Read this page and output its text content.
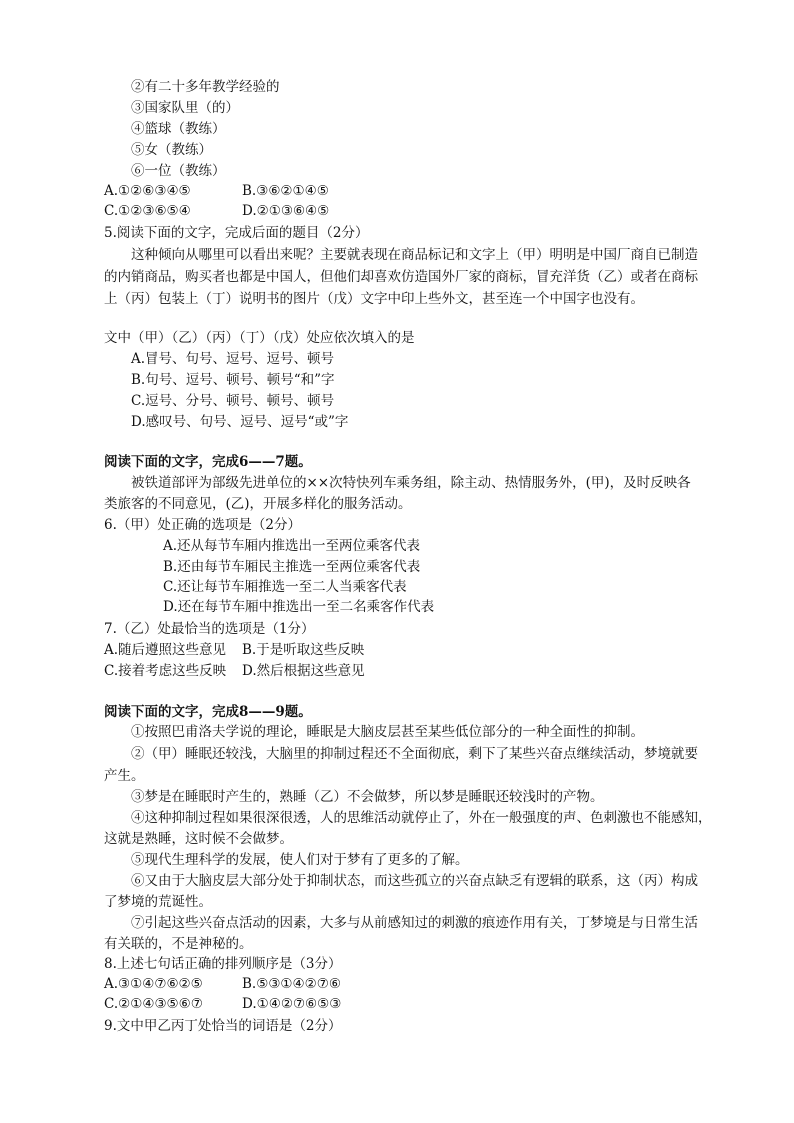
②有二十多年教学经验的
③国家队里（的）
④篮球（教练）
⑤女（教练）
⑥一位（教练）
A.①②⑥③④⑤	B.③⑥②①④⑤
C.①②③⑥⑤④	D.②①③⑥④⑤
5.阅读下面的文字，完成后面的题目（2分）
这种倾向从哪里可以看出来呢？主要就表现在商品标记和文字上（甲）明明是中国厂商自已制造
的内销商品，购买者也都是中国人，但他们却喜欢仿造国外厂家的商标，冒充洋货（乙）或者在商标
上（丙）包装上（丁）说明书的图片（戊）文字中印上些外文，甚至连一个中国字也没有。
文中（甲）（乙）（丙）（丁）（戊）处应依次填入的是
A.冒号、句号、逗号、逗号、顿号
B.句号、逗号、顿号、顿号“和”字
C.逗号、分号、顿号、顿号、顿号
D.感叹号、句号、逗号、逗号“或”字
阅读下面的文字，完成6——7题。
被铁道部评为部级先进单位的××次特快列车乘务组，除主动、热情服务外，(甲)，及时反映各
类旅客的不同意见，(乙)，开展多样化的服务活动。
6.（甲）处正确的选项是（2分）
A.还从每节车厢内推选出一至两位乘客代表
B.还由每节车厢民主推选一至两位乘客代表
C.还让每节车厢推选一至二人当乘客代表
D.还在每节车厢中推选出一至二名乘客作代表
7.（乙）处最恰当的选项是（1分）
A.随后遵照这些意见 B.于是听取这些反映
C.接着考虑这些反映 D.然后根据这些意见
阅读下面的文字，完成8——9题。
①按照巴甫洛夫学说的理论，睡眠是大脑皮层甚至某些低位部分的一种全面性的抑制。
②（甲）睡眠还较浅，大脑里的抑制过程还不全面彻底，剩下了某些兴奋点继续活动，梦境就要
产生。
③梦是在睡眠时产生的，熟睡（乙）不会做梦，所以梦是睡眠还较浅时的产物。
④这种抑制过程如果很深很透，人的思维活动就停止了，外在一般强度的声、色刺激也不能感知，
这就是熟睡，这时候不会做梦。
⑤现代生理科学的发展，使人们对于梦有了更多的了解。
⑥又由于大脑皮层大部分处于抑制状态，而这些孤立的兴奋点缺乏有逻辑的联系，这（丙）构成
了梦境的荒诞性。
⑦引起这些兴奋点活动的因素，大多与从前感知过的刺激的痕迹作用有关，丁梦境是与日常生活
有关联的，不是神秘的。
8.上述七句话正确的排列顺序是（3分）
A.③①④⑦⑥②⑤	B.⑤③①④②⑦⑥
C.②①④③⑤⑥⑦	D.①④②⑦⑥⑤③
9.文中甲乙丙丁处恰当的词语是（2分）
